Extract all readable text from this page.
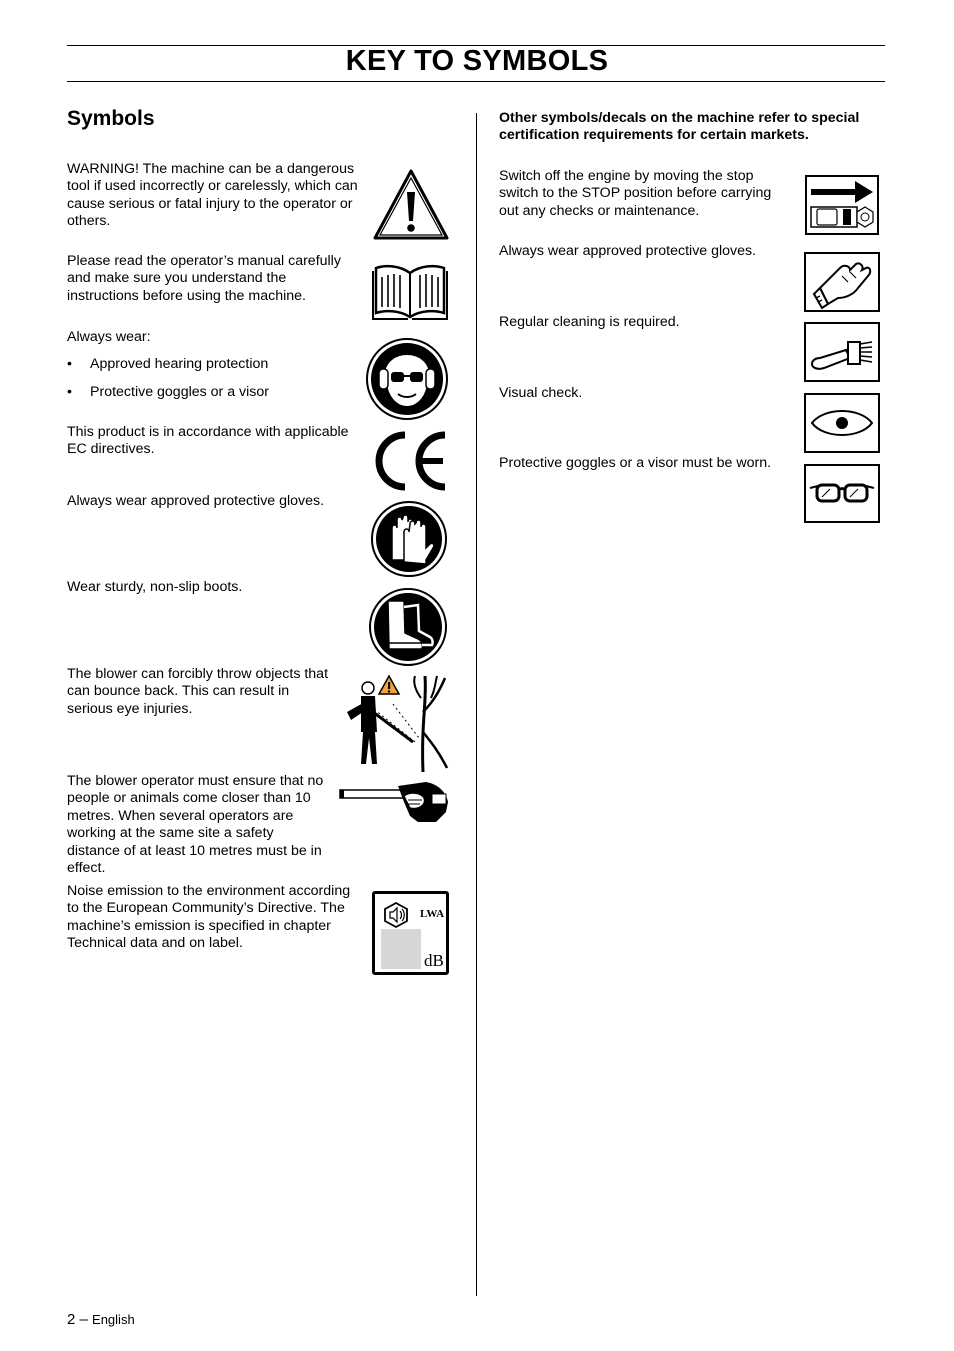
KEY TO SYMBOLS
Symbols

WARNING! The machine can be a dangerous tool if used incorrectly or carelessly, which can cause serious or fatal injury to the operator or others.

Please read the operator’s manual carefully and make sure you understand the instructions before using the machine.

Always wear:

• Approved hearing protection
• Protective goggles or a visor

This product is in accordance with applicable EC directives.

Always wear approved protective gloves.

Wear sturdy, non-slip boots.

The blower can forcibly throw objects that can bounce back. This can result in serious eye injuries.

The blower operator must ensure that no people or animals come closer than 10 metres. When several operators are working at the same site a safety distance of at least 10 metres must be in effect.

Noise emission to the environment according to the European Community’s Directive. The machine’s emission is specified in chapter Technical data and on label.

LWA
dB

Other symbols/decals on the machine refer to special certification requirements for certain markets.

Switch off the engine by moving the stop switch to the STOP position before carrying out any checks or maintenance.

Always wear approved protective gloves.

Regular cleaning is required.

Visual check.

Protective goggles or a visor must be worn.

2 – English
